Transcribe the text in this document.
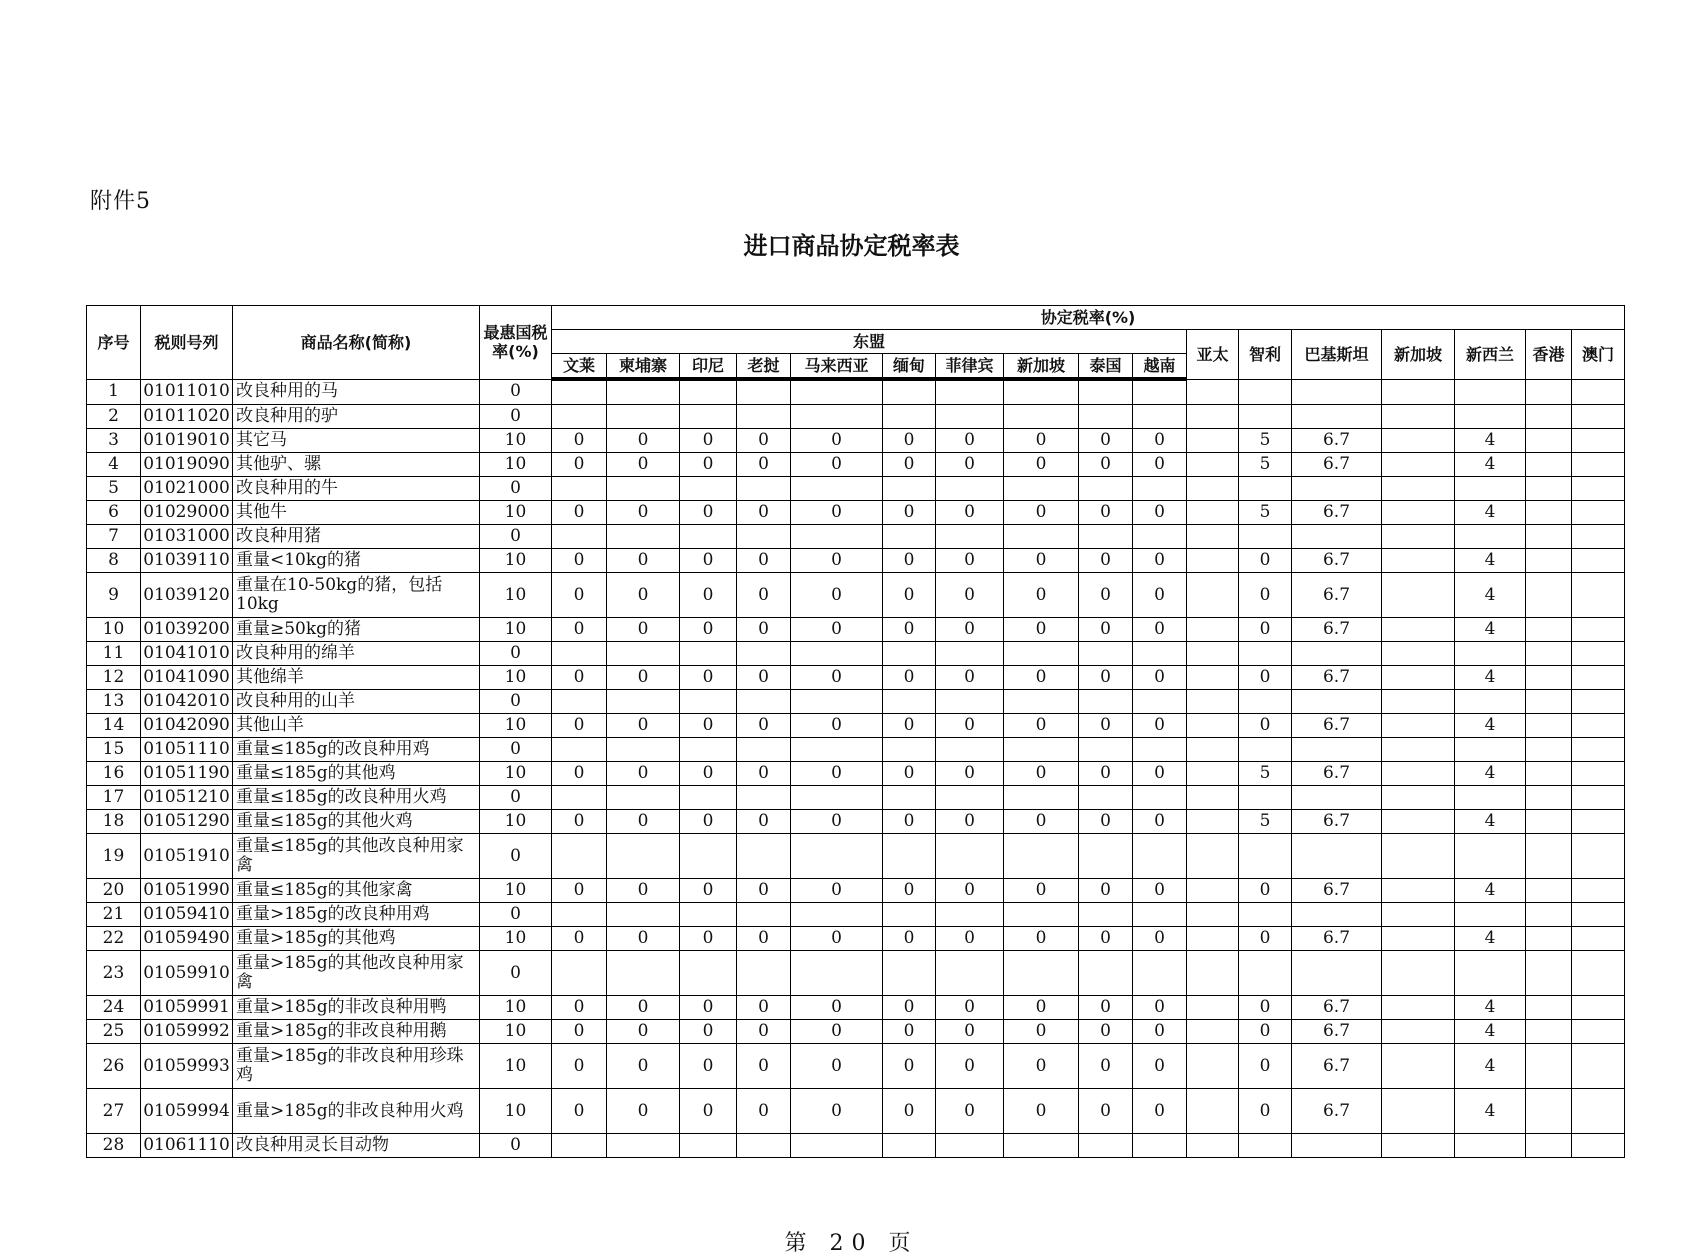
附件5
进口商品协定税率表
序号	税则号列	商品名称(简称)	最惠国税率(%)	协定税率(%)																
				东盟										亚太	智利	巴基斯坦	新加坡	新西兰	香港	澳门
				文莱	柬埔寨	印尼	老挝	马来西亚	缅甸	菲律宾	新加坡	泰国	越南							
1	01011010	改良种用的马	0																	
2	01011020	改良种用的驴	0																	
3	01019010	其它马	10	0	0	0	0	0	0	0	0	0	0		5	6.7		4		
4	01019090	其他驴、骡	10	0	0	0	0	0	0	0	0	0	0		5	6.7		4		
5	01021000	改良种用的牛	0																	
6	01029000	其他牛	10	0	0	0	0	0	0	0	0	0	0		5	6.7		4		
7	01031000	改良种用猪	0																	
8	01039110	重量<10kg的猪	10	0	0	0	0	0	0	0	0	0	0		0	6.7		4		
9	01039120	重量在10-50kg的猪，包括10kg	10	0	0	0	0	0	0	0	0	0	0		0	6.7		4		
10	01039200	重量≥50kg的猪	10	0	0	0	0	0	0	0	0	0	0		0	6.7		4		
11	01041010	改良种用的绵羊	0																	
12	01041090	其他绵羊	10	0	0	0	0	0	0	0	0	0	0		0	6.7		4		
13	01042010	改良种用的山羊	0																	
14	01042090	其他山羊	10	0	0	0	0	0	0	0	0	0	0		0	6.7		4		
15	01051110	重量≤185g的改良种用鸡	0																	
16	01051190	重量≤185g的其他鸡	10	0	0	0	0	0	0	0	0	0	0		5	6.7		4		
17	01051210	重量≤185g的改良种用火鸡	0																	
18	01051290	重量≤185g的其他火鸡	10	0	0	0	0	0	0	0	0	0	0		5	6.7		4		
19	01051910	重量≤185g的其他改良种用家禽	0																	
20	01051990	重量≤185g的其他家禽	10	0	0	0	0	0	0	0	0	0	0		0	6.7		4		
21	01059410	重量>185g的改良种用鸡	0																	
22	01059490	重量>185g的其他鸡	10	0	0	0	0	0	0	0	0	0	0		0	6.7		4		
23	01059910	重量>185g的其他改良种用家禽	0																	
24	01059991	重量>185g的非改良种用鸭	10	0	0	0	0	0	0	0	0	0	0		0	6.7		4		
25	01059992	重量>185g的非改良种用鹅	10	0	0	0	0	0	0	0	0	0	0		0	6.7		4		
26	01059993	重量>185g的非改良种用珍珠鸡	10	0	0	0	0	0	0	0	0	0	0		0	6.7		4		
27	01059994	重量>185g的非改良种用火鸡	10	0	0	0	0	0	0	0	0	0	0		0	6.7		4		
28	01061110	改良种用灵长目动物	0																	
第 20 页
